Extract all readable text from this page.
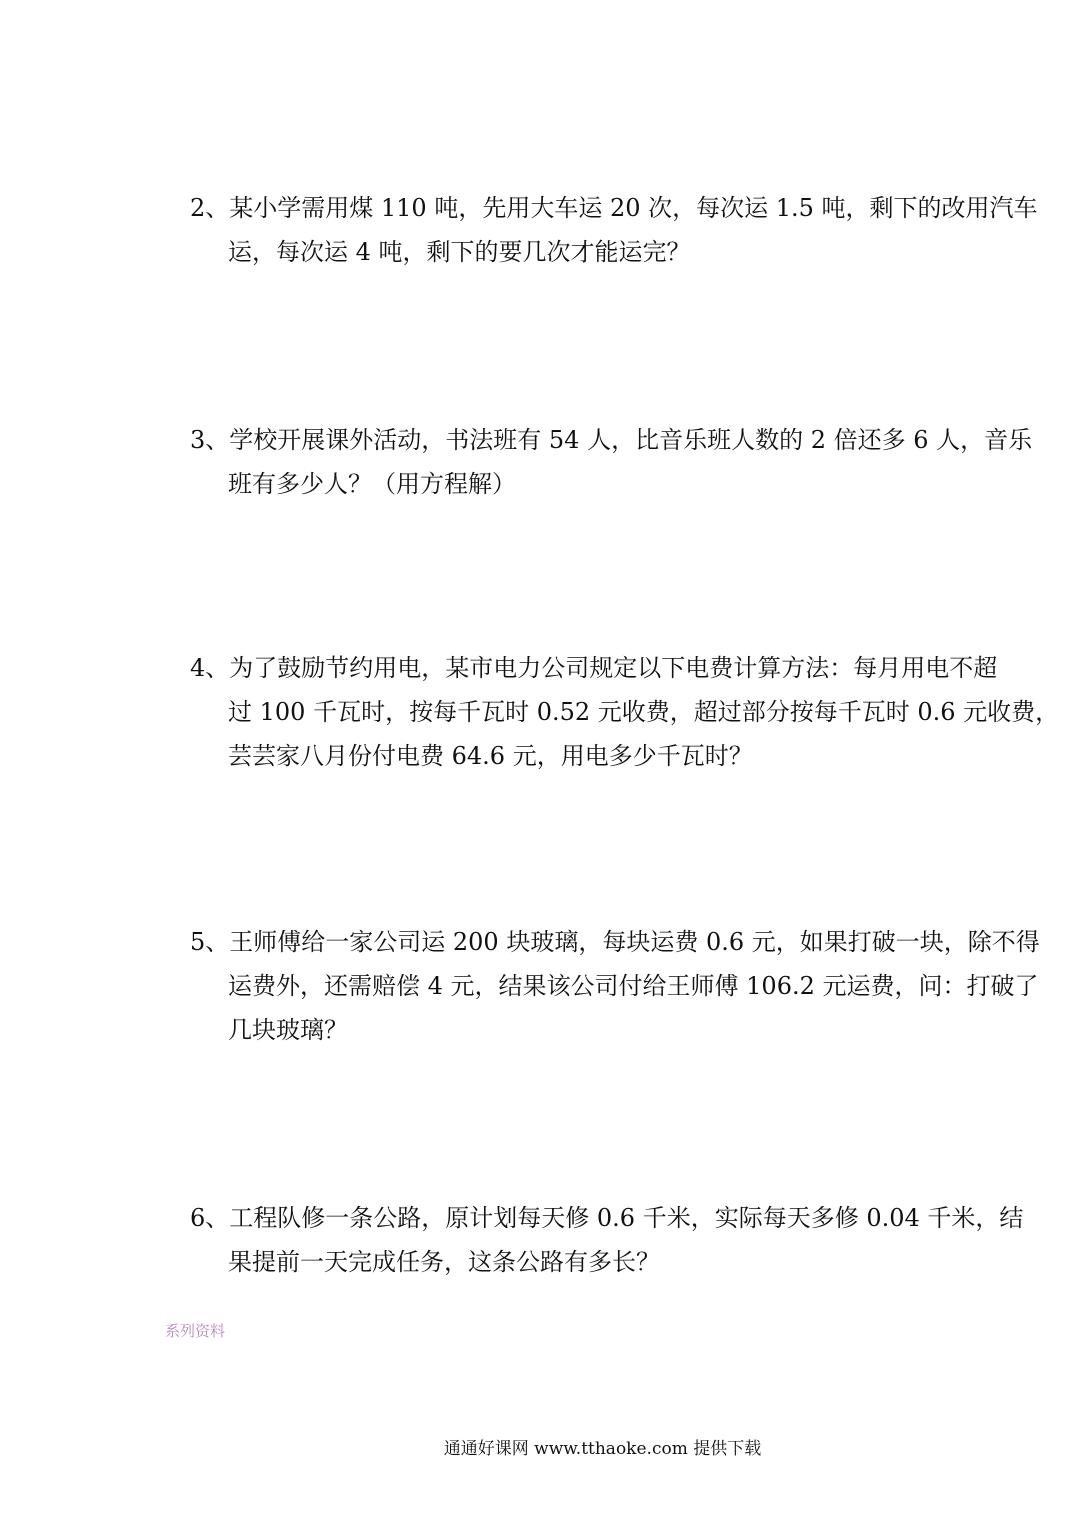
2、某小学需用煤 110 吨，先用大车运 20 次，每次运 1.5 吨，剩下的改用汽车
运，每次运 4 吨，剩下的要几次才能运完？
3、学校开展课外活动，书法班有 54 人，比音乐班人数的 2 倍还多 6 人，音乐
班有多少人？（用方程解）
4、为了鼓励节约用电，某市电力公司规定以下电费计算方法：每月用电不超
过 100 千瓦时，按每千瓦时 0.52 元收费，超过部分按每千瓦时 0.6 元收费，
芸芸家八月份付电费 64.6 元，用电多少千瓦时？
5、王师傅给一家公司运 200 块玻璃，每块运费 0.6 元，如果打破一块，除不得
运费外，还需赔偿 4 元，结果该公司付给王师傅 106.2 元运费，问：打破了
几块玻璃？
6、工程队修一条公路，原计划每天修 0.6 千米，实际每天多修 0.04 千米，结
果提前一天完成任务，这条公路有多长？
系列资料
通通好课网 www.tthaoke.com 提供下载
